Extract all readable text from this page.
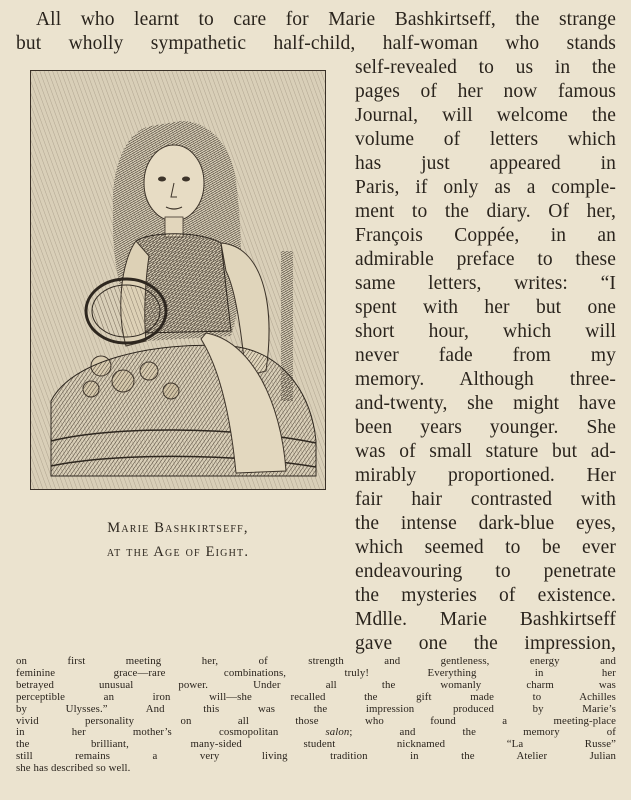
All who learnt to care for Marie Bashkirtseff, the strange
but wholly sympathetic half-child, half-woman who stands
self-revealed to us in the
pages of her now famous
Journal, will welcome the
volume of letters which
has just appeared in
Paris, if only as a comple-
ment to the diary. Of her,
François Coppée, in an
admirable preface to these
same letters, writes: “I
spent with her but one
short hour, which will
never fade from my
memory. Although three-
and-twenty, she might have
been years younger. She
was of small stature but ad-
mirably proportioned. Her
fair hair contrasted with
the intense dark-blue eyes,
which seemed to be ever
endeavouring to penetrate
the mysteries of existence.
Mdlle. Marie Bashkirtseff
gave one the impression,
Marie Bashkirtseff,
at the Age of Eight.
on first meeting her, of strength and gentleness, energy and
feminine grace—rare combinations, truly! Everything in her
betrayed unusual power. Under all the womanly charm was
perceptible an iron will—she recalled the gift made to Achilles
by Ulysses.” And this was the impression produced by Marie’s
vivid personality on all those who found a meeting-place
in her mother’s cosmopolitan	salon; and the memory of
the brilliant, many-sided student nicknamed “La Russe”
still remains a very living tradition in the Atelier Julian
she has described so well.
